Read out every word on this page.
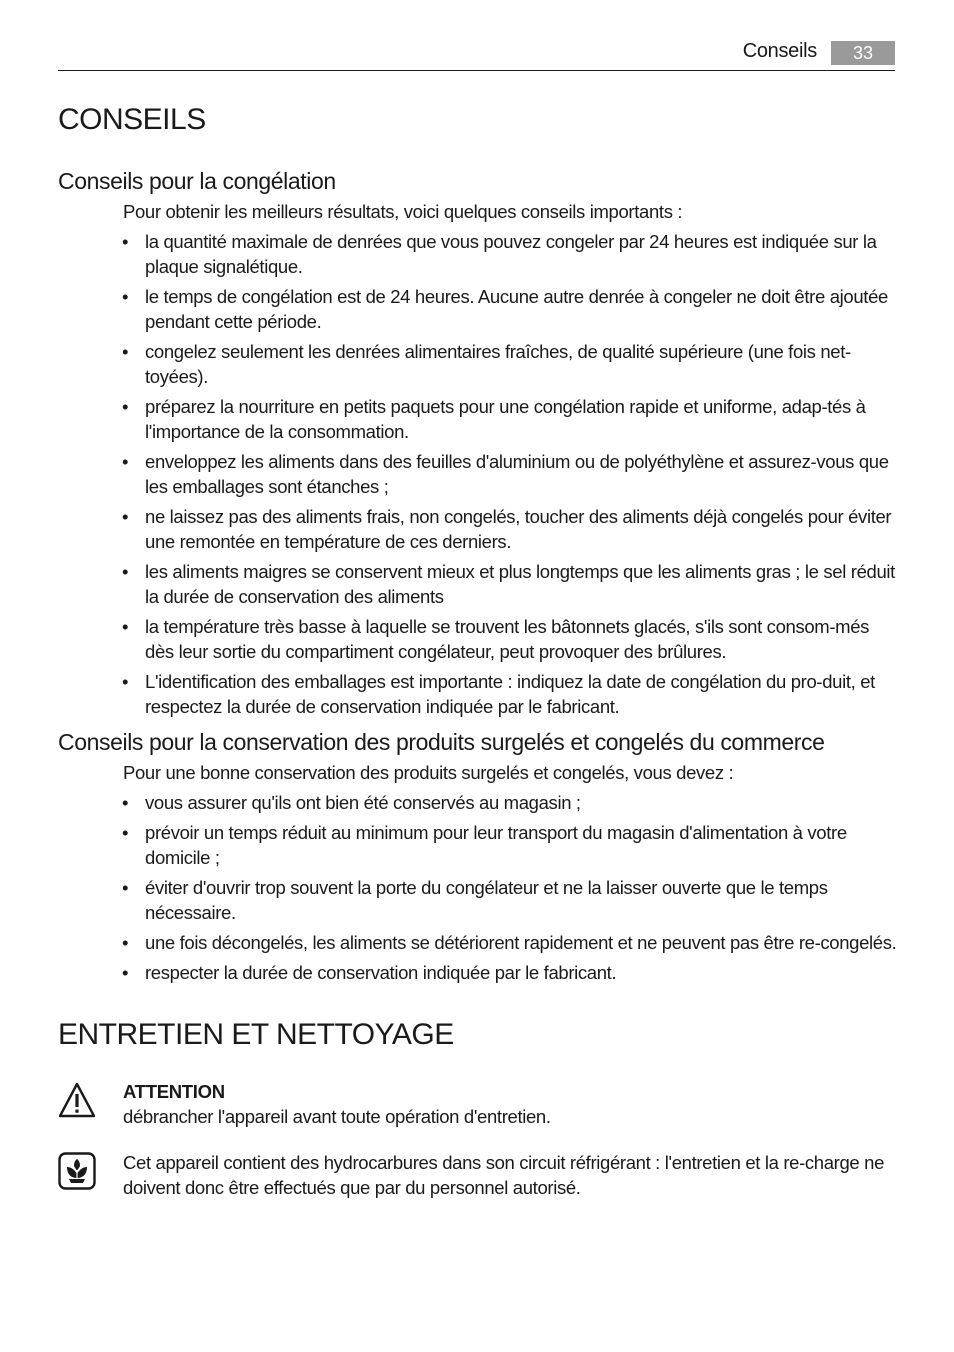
Conseils	33
CONSEILS
Conseils pour la congélation
Pour obtenir les meilleurs résultats, voici quelques conseils importants :
• la quantité maximale de denrées que vous pouvez congeler par 24 heures est indiquée sur la plaque signalétique.
• le temps de congélation est de 24 heures. Aucune autre denrée à congeler ne doit être ajoutée pendant cette période.
• congelez seulement les denrées alimentaires fraîches, de qualité supérieure (une fois net-toyées).
• préparez la nourriture en petits paquets pour une congélation rapide et uniforme, adap-tés à l'importance de la consommation.
• enveloppez les aliments dans des feuilles d'aluminium ou de polyéthylène et assurez-vous que les emballages sont étanches ;
• ne laissez pas des aliments frais, non congelés, toucher des aliments déjà congelés pour éviter une remontée en température de ces derniers.
• les aliments maigres se conservent mieux et plus longtemps que les aliments gras ; le sel réduit la durée de conservation des aliments
• la température très basse à laquelle se trouvent les bâtonnets glacés, s'ils sont consom-més dès leur sortie du compartiment congélateur, peut provoquer des brûlures.
• L'identification des emballages est importante : indiquez la date de congélation du pro-duit, et respectez la durée de conservation indiquée par le fabricant.
Conseils pour la conservation des produits surgelés et congelés du commerce
Pour une bonne conservation des produits surgelés et congelés, vous devez :
• vous assurer qu'ils ont bien été conservés au magasin ;
• prévoir un temps réduit au minimum pour leur transport du magasin d'alimentation à votre domicile ;
• éviter d'ouvrir trop souvent la porte du congélateur et ne la laisser ouverte que le temps nécessaire.
• une fois décongelés, les aliments se détériorent rapidement et ne peuvent pas être re-congelés.
• respecter la durée de conservation indiquée par le fabricant.
ENTRETIEN ET NETTOYAGE
ATTENTION
débrancher l'appareil avant toute opération d'entretien.
Cet appareil contient des hydrocarbures dans son circuit réfrigérant : l'entretien et la re-charge ne doivent donc être effectués que par du personnel autorisé.
